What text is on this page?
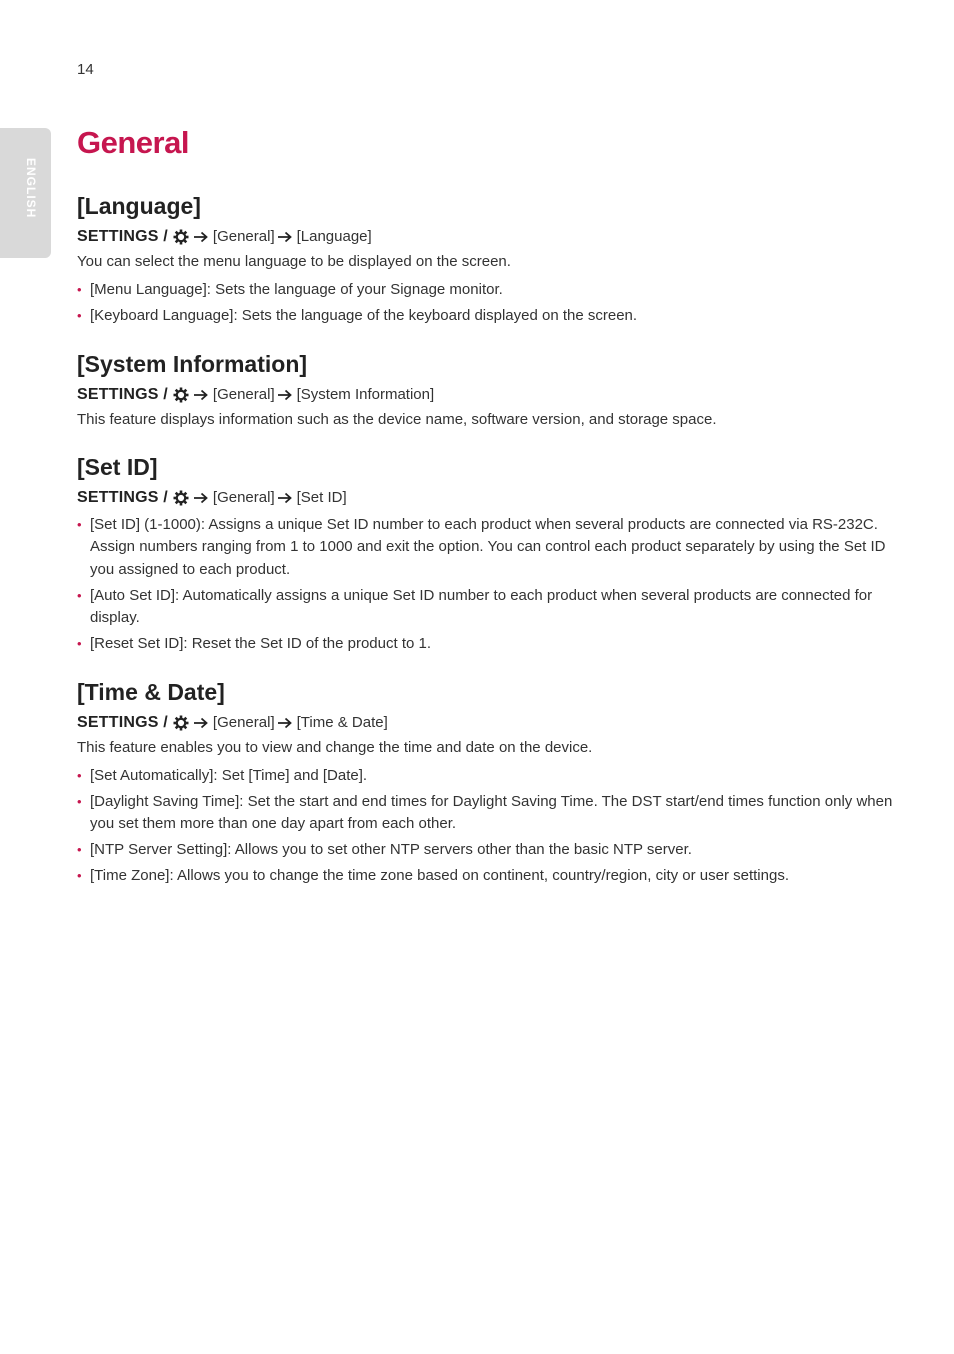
14
ENGLISH
General
[Language]
SETTINGS /	[General] [Language]

You can select the menu language to be displayed on the screen.

• [Menu Language]: Sets the language of your Signage monitor.
• [Keyboard Language]: Sets the language of the keyboard displayed on the screen.
[System Information]
SETTINGS /	[General] [System Information]

This feature displays information such as the device name, software version, and storage space.

[Set ID]
SETTINGS /	[General] [Set ID]
• [Set ID] (1-1000): Assigns a unique Set ID number to each product when several products are connected via RS-232C. Assign numbers ranging from 1 to 1000 and exit the option. You can control each product separately by using the Set ID you assigned to each product.
• [Auto Set ID]: Automatically assigns a unique Set ID number to each product when several products are connected for display.
• [Reset Set ID]: Reset the Set ID of the product to 1.
[Time & Date]
SETTINGS /	[General] [Time & Date]

This feature enables you to view and change the time and date on the device.

• [Set Automatically]: Set [Time] and [Date].
• [Daylight Saving Time]: Set the start and end times for Daylight Saving Time. The DST start/end times function only when you set them more than one day apart from each other.
• [NTP Server Setting]: Allows you to set other NTP servers other than the basic NTP server.
• [Time Zone]: Allows you to change the time zone based on continent, country/region, city or user settings.
